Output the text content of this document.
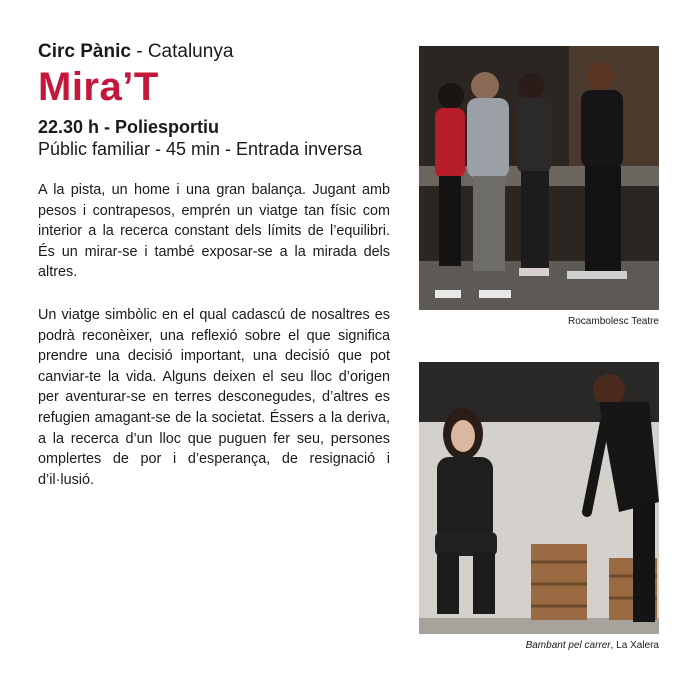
Circ Pànic - Catalunya

Mira’T
22.30 h - Poliesportiu
Públic familiar - 45 min - Entrada inversa

A la pista, un home i una gran balança. Jugant amb pesos i contrapesos, emprén un viatge tan físic com interior a la recerca constant dels límits de l’equilibri. És un mirar-se i també exposar-se a la mirada dels altres.

Un viatge simbòlic en el qual cadascú de nosaltres es podrà reconèixer, una reflexió sobre el que significa prendre una decisió important, una decisió que pot canviar-te la vida. Alguns deixen el seu lloc d’origen per aventurar-se en terres desconegudes, d’altres es refugien amagant-se de la societat. Éssers a la deriva, a la recerca d’un lloc que puguen fer seu, persones omplertes de por i d’esperança, de resignació i d’il·lusió.

Rocambolesc Teatre
Bambant pel carrer, La Xalera
